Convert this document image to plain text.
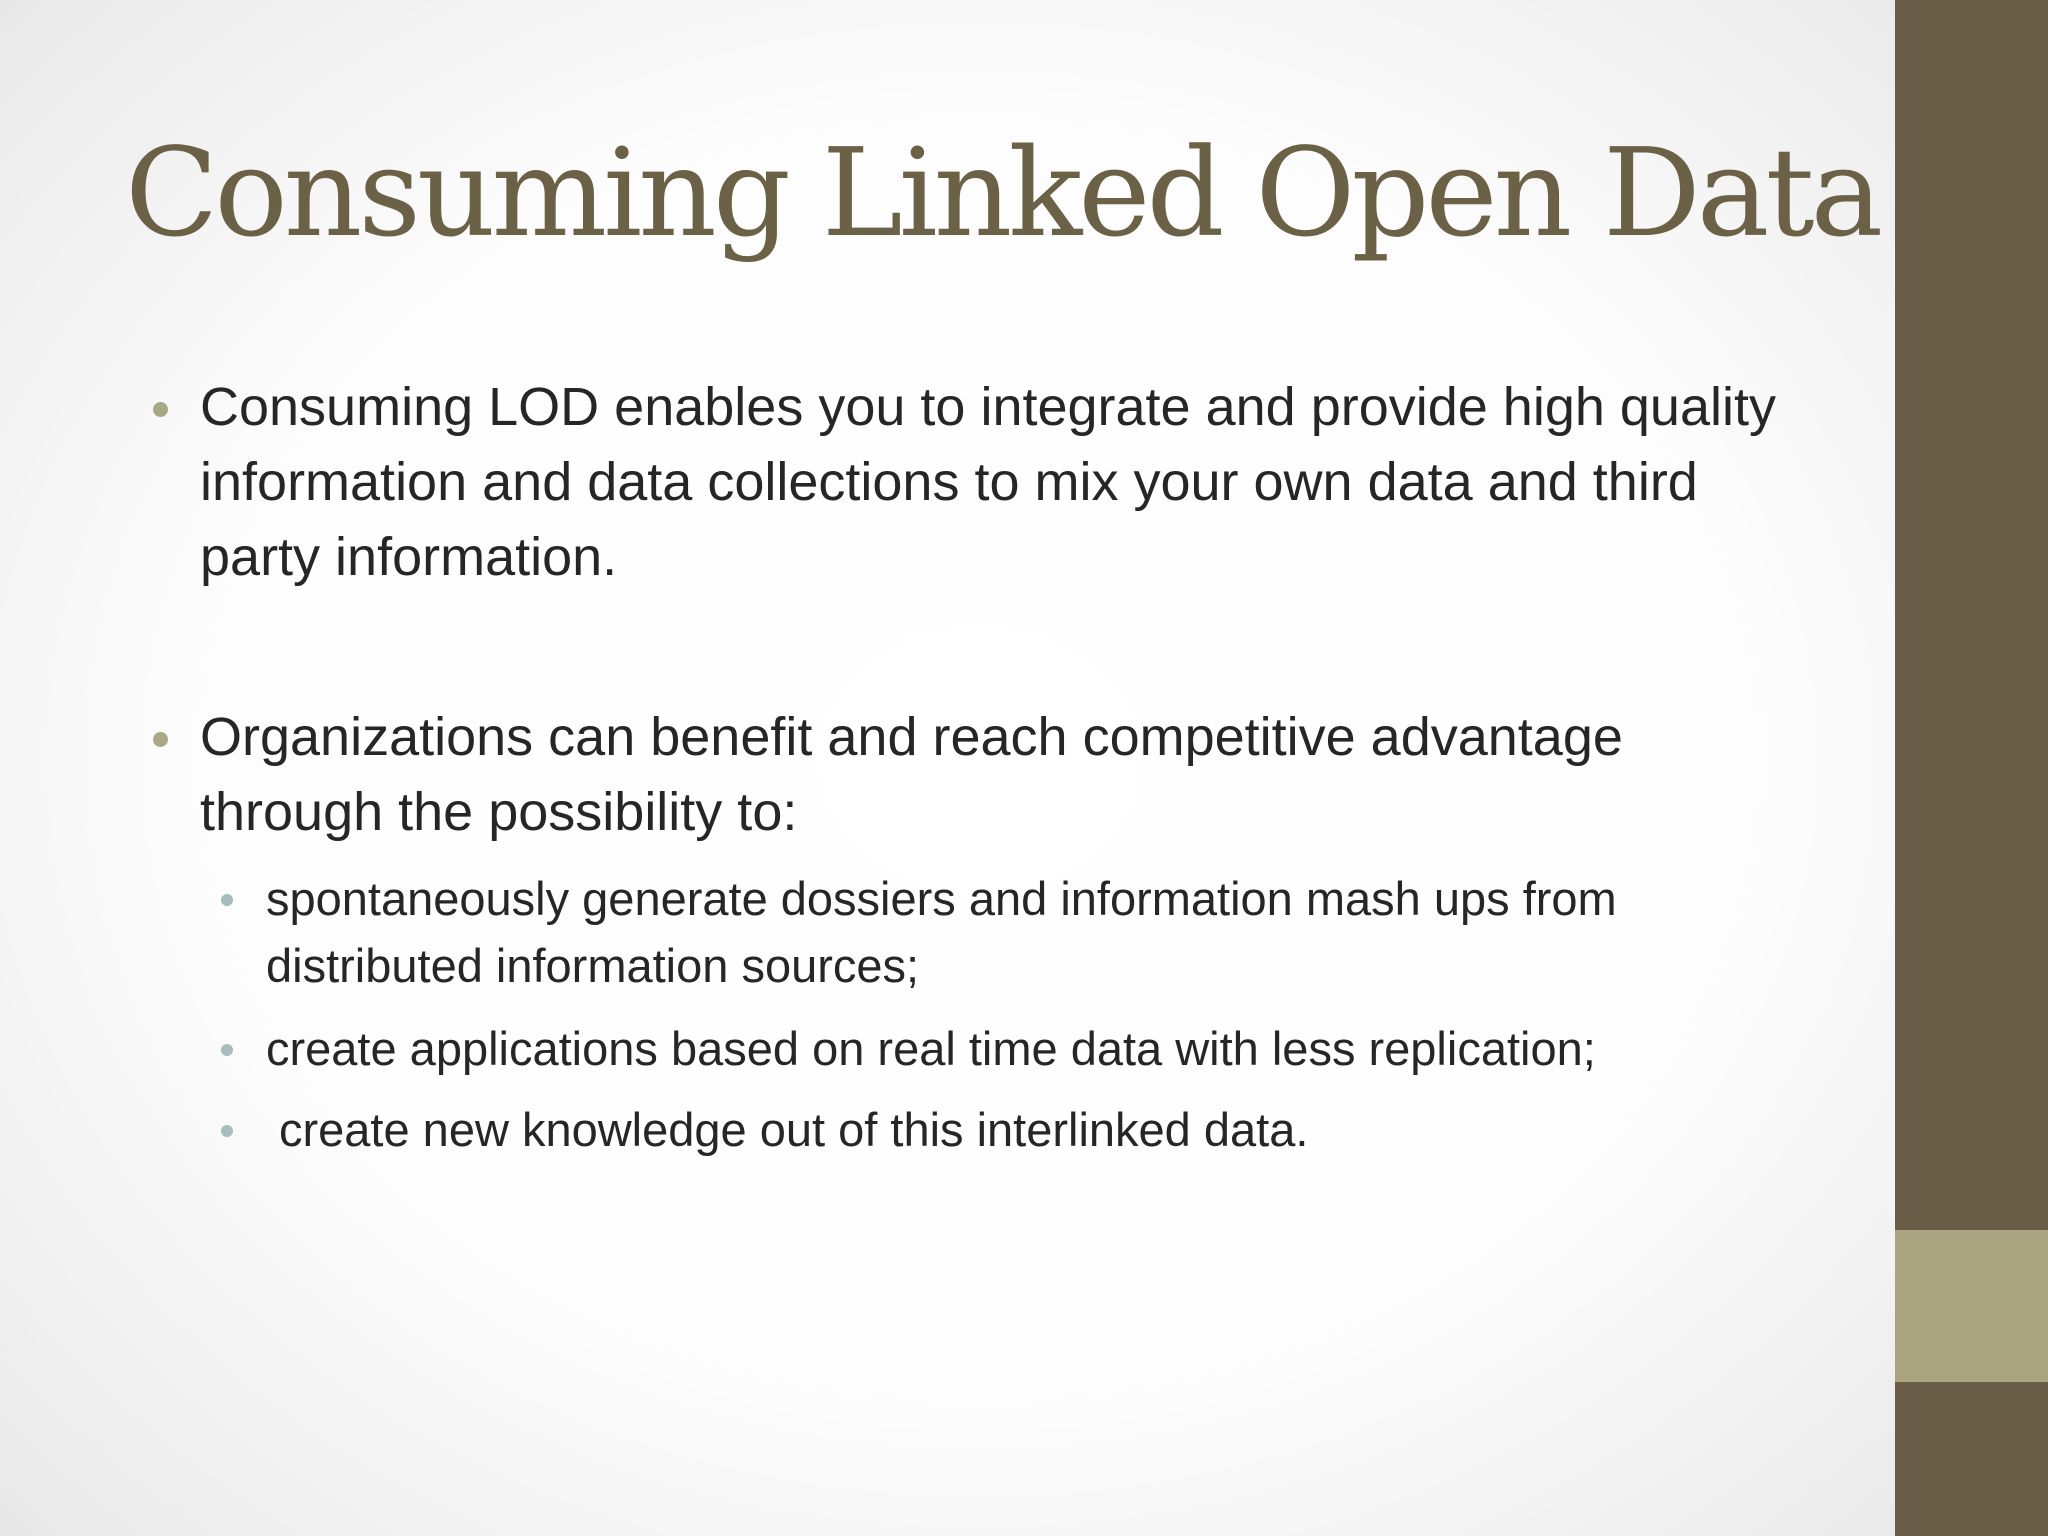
Consuming Linked Open Data
Consuming LOD enables you to integrate and provide high quality information and data collections to mix your own data and third party information.
Organizations can benefit and reach competitive advantage through the possibility to:
spontaneously generate dossiers and information mash ups from distributed information sources;
create applications based on real time data with less replication;
create new knowledge out of this interlinked data.
